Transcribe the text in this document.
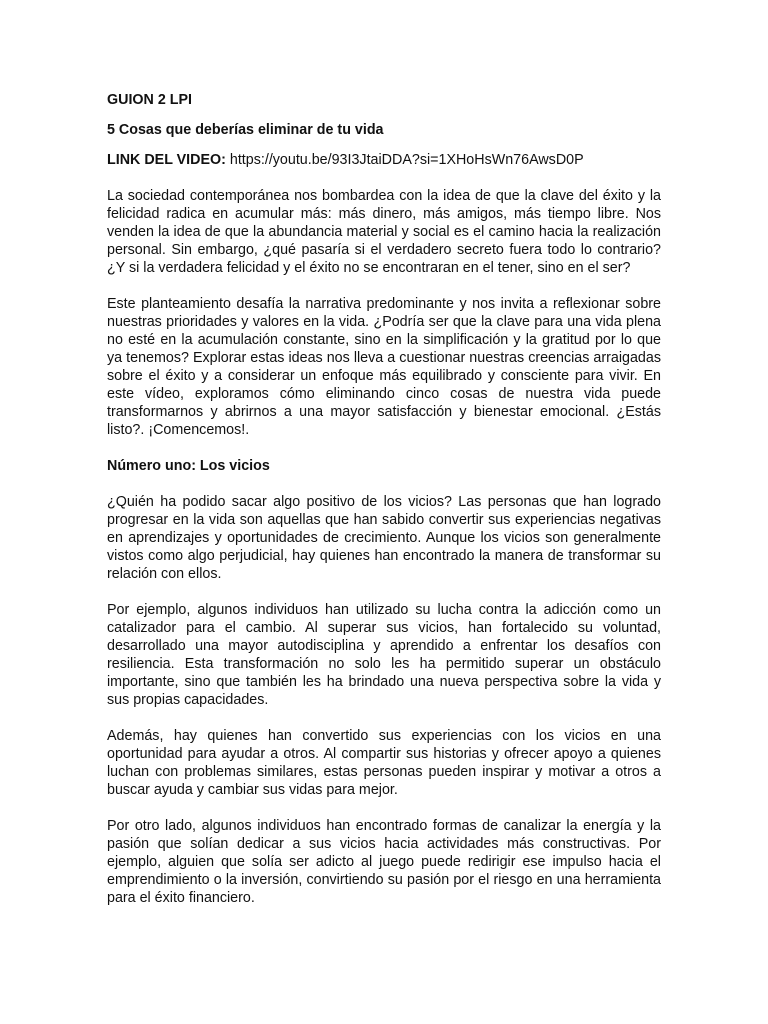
GUION 2 LPI

5 Cosas que deberías eliminar de tu vida

LINK DEL VIDEO: https://youtu.be/93I3JtaiDDA?si=1XHoHsWn76AwsD0P

La sociedad contemporánea nos bombardea con la idea de que la clave del éxito y la felicidad radica en acumular más: más dinero, más amigos, más tiempo libre. Nos venden la idea de que la abundancia material y social es el camino hacia la realización personal. Sin embargo, ¿qué pasaría si el verdadero secreto fuera todo lo contrario? ¿Y si la verdadera felicidad y el éxito no se encontraran en el tener, sino en el ser?

Este planteamiento desafía la narrativa predominante y nos invita a reflexionar sobre nuestras prioridades y valores en la vida. ¿Podría ser que la clave para una vida plena no esté en la acumulación constante, sino en la simplificación y la gratitud por lo que ya tenemos? Explorar estas ideas nos lleva a cuestionar nuestras creencias arraigadas sobre el éxito y a considerar un enfoque más equilibrado y consciente para vivir. En este vídeo, exploramos cómo eliminando cinco cosas de nuestra vida puede transformarnos y abrirnos a una mayor satisfacción y bienestar emocional. ¿Estás listo?. ¡Comencemos!.

Número uno: Los vicios

¿Quién ha podido sacar algo positivo de los vicios? Las personas que han logrado progresar en la vida son aquellas que han sabido convertir sus experiencias negativas en aprendizajes y oportunidades de crecimiento. Aunque los vicios son generalmente vistos como algo perjudicial, hay quienes han encontrado la manera de transformar su relación con ellos.

Por ejemplo, algunos individuos han utilizado su lucha contra la adicción como un catalizador para el cambio. Al superar sus vicios, han fortalecido su voluntad, desarrollado una mayor autodisciplina y aprendido a enfrentar los desafíos con resiliencia. Esta transformación no solo les ha permitido superar un obstáculo importante, sino que también les ha brindado una nueva perspectiva sobre la vida y sus propias capacidades.

Además, hay quienes han convertido sus experiencias con los vicios en una oportunidad para ayudar a otros. Al compartir sus historias y ofrecer apoyo a quienes luchan con problemas similares, estas personas pueden inspirar y motivar a otros a buscar ayuda y cambiar sus vidas para mejor.

Por otro lado, algunos individuos han encontrado formas de canalizar la energía y la pasión que solían dedicar a sus vicios hacia actividades más constructivas. Por ejemplo, alguien que solía ser adicto al juego puede redirigir ese impulso hacia el emprendimiento o la inversión, convirtiendo su pasión por el riesgo en una herramienta para el éxito financiero.
